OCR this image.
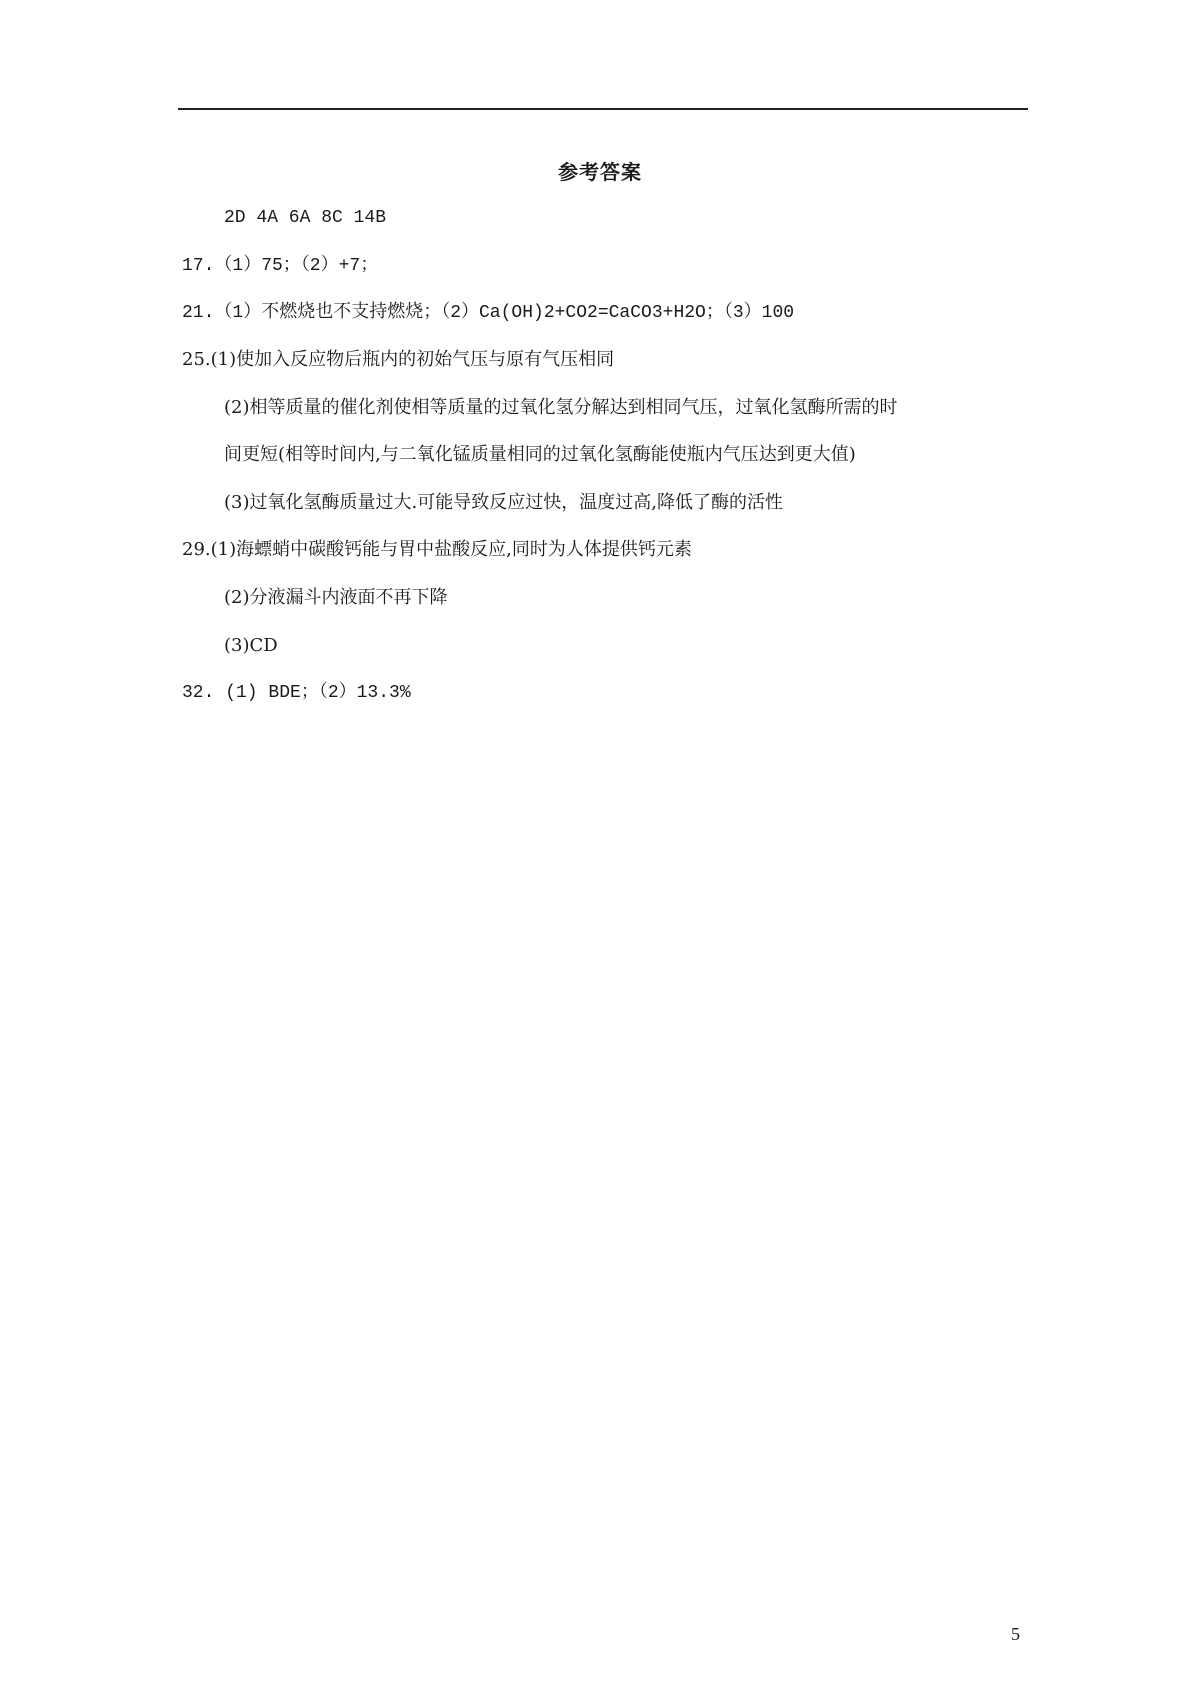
参考答案
2D 4A 6A 8C 14B
17.（1）75；（2）+7；
21.（1）不燃烧也不支持燃烧；（2）Ca(OH)2+CO2=CaCO3+H2O；（3）100
25.(1)使加入反应物后瓶内的初始气压与原有气压相同
(2)相等质量的催化剂使相等质量的过氧化氢分解达到相同气压，过氧化氢酶所需的时
间更短(相等时间内,与二氧化锰质量相同的过氧化氢酶能使瓶内气压达到更大值)
(3)过氧化氢酶质量过大.可能导致反应过快，温度过高,降低了酶的活性
29.(1)海螵蛸中碳酸钙能与胃中盐酸反应,同时为人体提供钙元素
(2)分液漏斗内液面不再下降
(3)CD
32. (1) BDE；（2）13.3%
5
